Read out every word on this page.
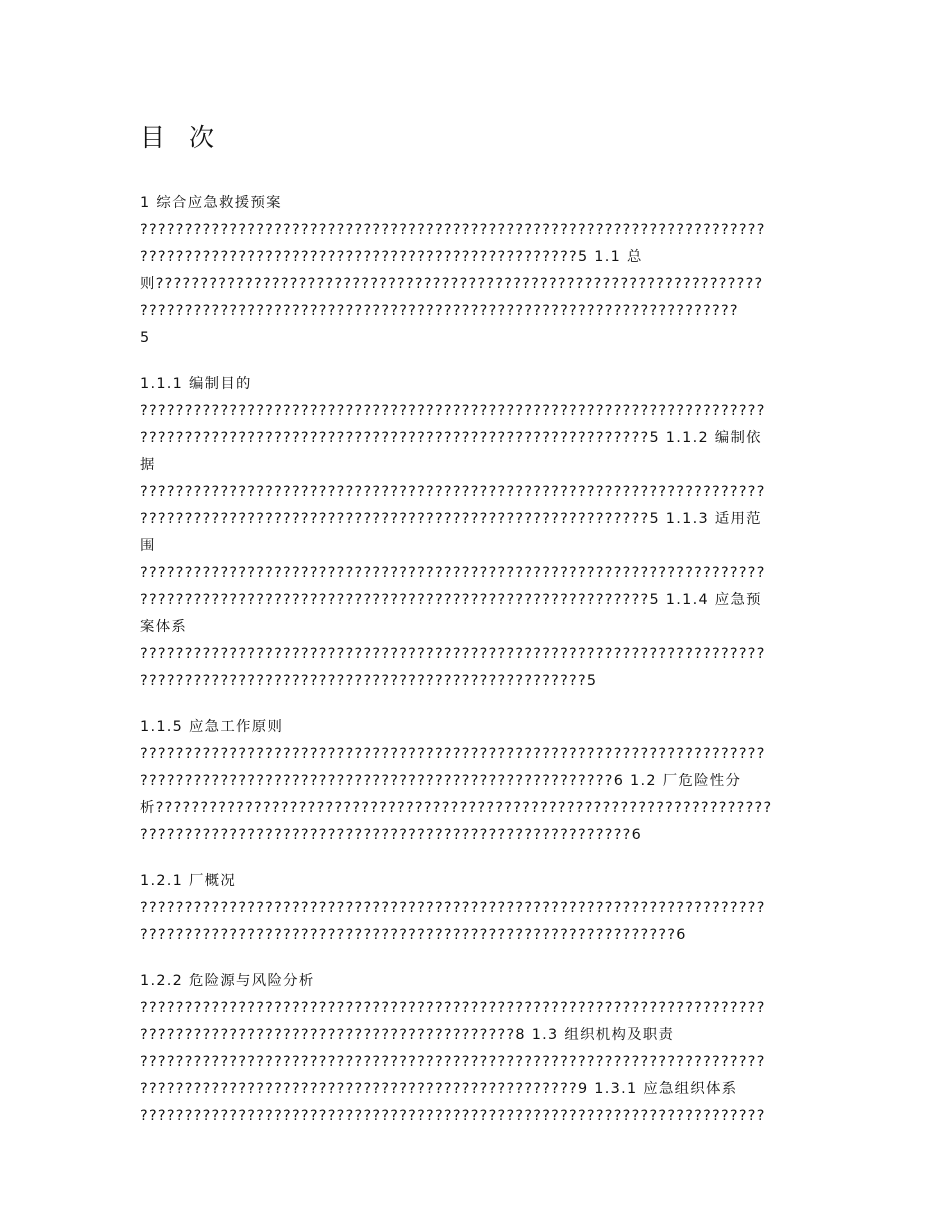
目 次
1 综合应急救援预案
??????????????????????????????????????????????????????????????????????
?????????????????????????????????????????????????5 1.1 总
则????????????????????????????????????????????????????????????????????
???????????????????????????????????????????????????????????????????
5
1.1.1 编制目的
??????????????????????????????????????????????????????????????????????
?????????????????????????????????????????????????????????5 1.1.2 编制依
据
??????????????????????????????????????????????????????????????????????
?????????????????????????????????????????????????????????5 1.1.3 适用范
围
??????????????????????????????????????????????????????????????????????
?????????????????????????????????????????????????????????5 1.1.4 应急预
案体系
??????????????????????????????????????????????????????????????????????
??????????????????????????????????????????????????5
1.1.5 应急工作原则
??????????????????????????????????????????????????????????????????????
?????????????????????????????????????????????????????6 1.2 厂危险性分
析?????????????????????????????????????????????????????????????????????
???????????????????????????????????????????????????????6
1.2.1 厂概况
??????????????????????????????????????????????????????????????????????
????????????????????????????????????????????????????????????6
1.2.2 危险源与风险分析
??????????????????????????????????????????????????????????????????????
??????????????????????????????????????????8 1.3 组织机构及职责
??????????????????????????????????????????????????????????????????????
?????????????????????????????????????????????????9 1.3.1 应急组织体系
??????????????????????????????????????????????????????????????????????
